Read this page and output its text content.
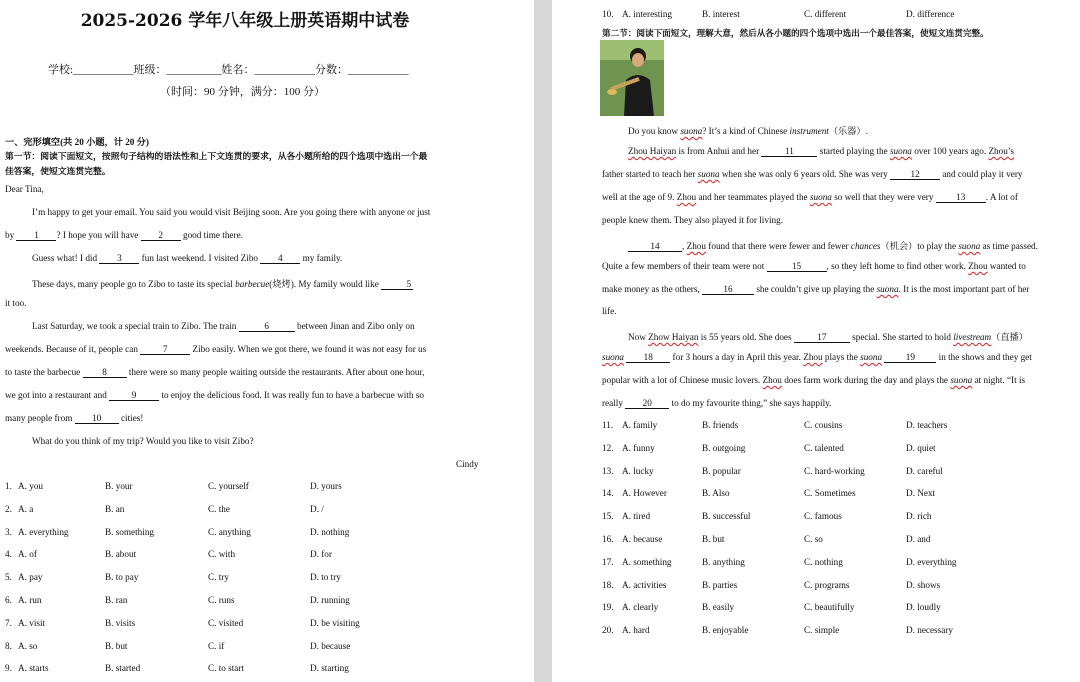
2025-2026 学年八年级上册英语期中试卷
学校:___________班级：__________姓名：___________分数：___________
（时间：90 分钟，满分：100 分）
一、完形填空(共 20 小题，计 20 分)
第一节：阅读下面短文，按照句子结构的语法性和上下文连贯的要求，从各小题所给的四个选项中选出一个最
佳答案，使短文连贯完整。
Dear Tina,
I’m happy to get your email. You said you would visit Beijing soon. Are you going there with anyone or just
by 1 ? I hope you will have 2 good time there.
Guess what! I did 3 fun last weekend. I visited Zibo 4 my family.
These days, many people go to Zibo to taste its special barbecue(烧烤). My family would like	5
it too.
Last Saturday, we took a special train to Zibo. The train	6	between Jinan and Zibo only on
weekends. Because of it, people can	7	Zibo easily. When we got there, we found it was not easy for us
to taste the barbecue 8 there were so many people waiting outside the restaurants. After about one hour,
we got into a restaurant and	9	to enjoy the delicious food. It was really fun to have a barbecue with so
many people from 10 cities!
What do you think of my trip? Would you like to visit Zibo?
Cindy
1. A. you	B. your	C. yourself	D. yours
2. A. a	B. an	C. the	D. /
3. A. everything	B. something	C. anything	D. nothing
4. A. of	B. about	C. with	D. for
5. A. pay	B. to pay	C. try	D. to try
6. A. run	B. ran	C. runs	D. running
7. A. visit	B. visits	C. visited	D. be visiting
8. A. so	B. but	C. if	D. because
9. A. starts	B. started	C. to start	D. starting
10. A. interesting	B. interest	C. different	D. difference
第二节：阅读下面短文，理解大意，然后从各小题的四个选项中选出一个最佳答案，使短文连贯完整。
Do you know suona? It’s a kind of Chinese instrument（乐器）.
Zhou Haiyan is from Anhui and her	11	started playing the suona over 100 years ago. Zhou’s
father started to teach her suona when she was only 6 years old. She was very 12 and could play it very
well at the age of 9. Zhou and her teammates played the suona so well that they were very 13 . A lot of
people knew them. They also played it for living.
14 , Zhou found that there were fewer and fewer chances（机会）to play the suona as time passed.
Quite a few members of their team were not	15	, so they left home to find other work. Zhou wanted to
make money as the others,	16	she couldn’t give up playing the suona. It is the most important part of her
life.
Now Zhow Haiyan is 55 years old. She does	17	special. She started to hold livestream（直播）
suona 18 for 3 hours a day in April this year. Zhou plays the suona	19	in the shows and they get
popular with a lot of Chinese music lovers. Zhou does farm work during the day and plays the suona at night. “It is
really 20 to do my favourite thing,” she says happily.
11. A. family	B. friends	C. cousins	D. teachers
12. A. funny	B. outgoing	C. talented	D. quiet
13. A. lucky	B. popular	C. hard-working	D. careful
14. A. However	B. Also	C. Sometimes	D. Next
15. A. tired	B. successful	C. famous	D. rich
16. A. because	B. but	C. so	D. and
17. A. something	B. anything	C. nothing	D. everything
18. A. activities	B. parties	C. programs	D. shows
19. A. clearly	B. easily	C. beautifully	D. loudly
20. A. hard	B. enjoyable	C. simple	D. necessary
